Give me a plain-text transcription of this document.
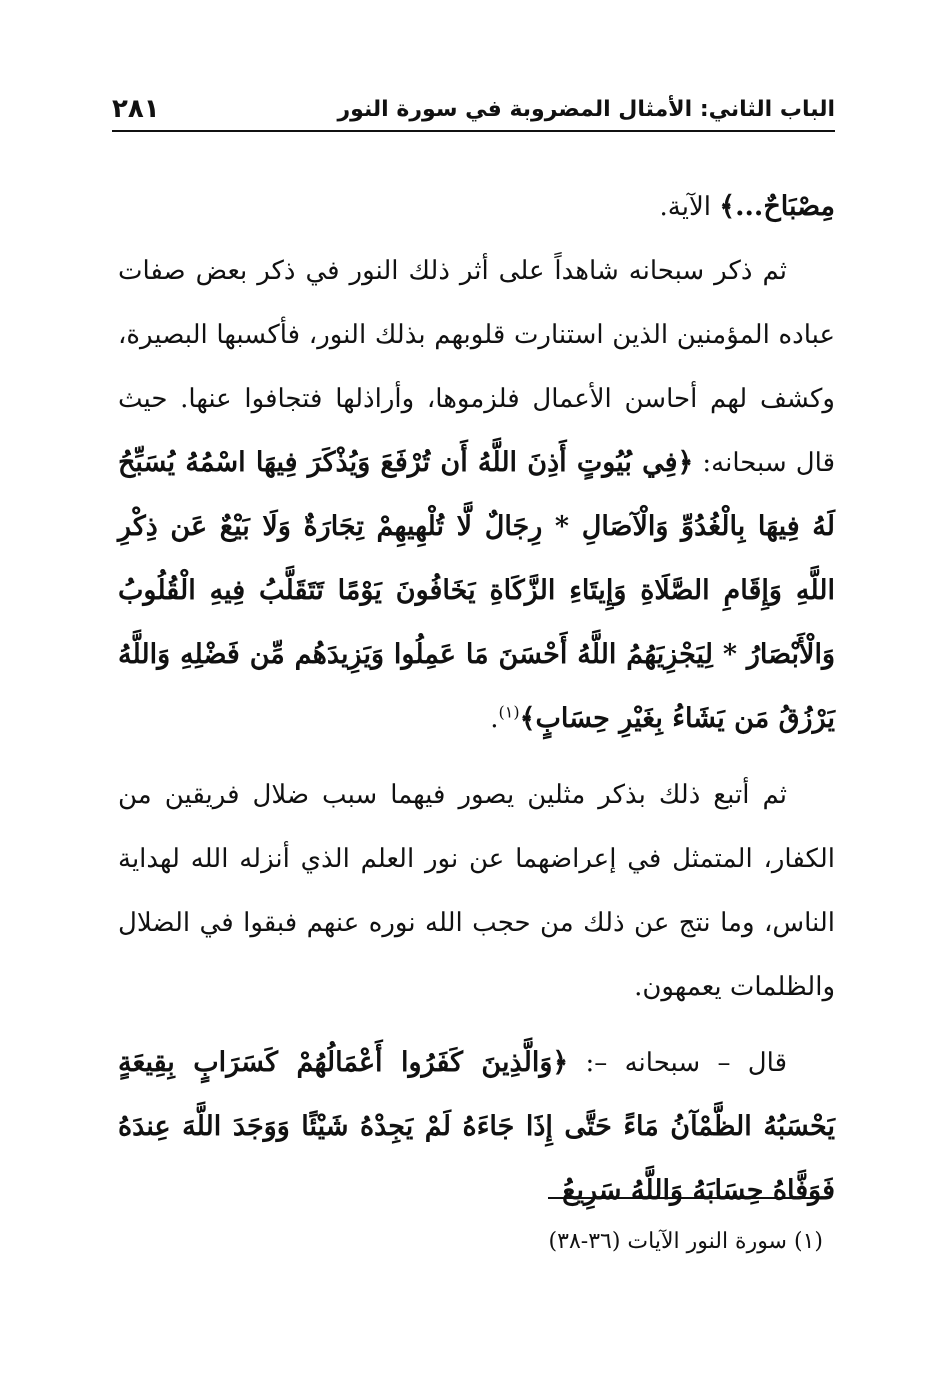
الباب الثاني: الأمثال المضروبة في سورة النور
٢٨١

مِصْبَاحٌ...﴾ الآية.

ثم ذكر سبحانه شاهداً على أثر ذلك النور في ذكر بعض صفات عباده المؤمنين الذين استنارت قلوبهم بذلك النور، فأكسبها البصيرة، وكشف لهم أحاسن الأعمال فلزموها، وأراذلها فتجافوا عنها. حيث قال سبحانه: ﴿فِي بُيُوتٍ أَذِنَ اللَّهُ أَن تُرْفَعَ وَيُذْكَرَ فِيهَا اسْمُهُ يُسَبِّحُ لَهُ فِيهَا بِالْغُدُوِّ وَالْآصَالِ * رِجَالٌ لَّا تُلْهِيهِمْ تِجَارَةٌ وَلَا بَيْعٌ عَن ذِكْرِ اللَّهِ وَإِقَامِ الصَّلَاةِ وَإِيتَاءِ الزَّكَاةِ يَخَافُونَ يَوْمًا تَتَقَلَّبُ فِيهِ الْقُلُوبُ وَالْأَبْصَارُ * لِيَجْزِيَهُمُ اللَّهُ أَحْسَنَ مَا عَمِلُوا وَيَزِيدَهُم مِّن فَضْلِهِ وَاللَّهُ يَرْزُقُ مَن يَشَاءُ بِغَيْرِ حِسَابٍ﴾$^{(١)}$.

ثم أتبع ذلك بذكر مثلين يصور فيهما سبب ضلال فريقين من الكفار، المتمثل في إعراضهما عن نور العلم الذي أنزله الله لهداية الناس، وما نتج عن ذلك من حجب الله نوره عنهم فبقوا في الضلال والظلمات يعمهون.

قال – سبحانه –: ﴿وَالَّذِينَ كَفَرُوا أَعْمَالُهُمْ كَسَرَابٍ بِقِيعَةٍ يَحْسَبُهُ الظَّمْآنُ مَاءً حَتَّى إِذَا جَاءَهُ لَمْ يَجِدْهُ شَيْئًا وَوَجَدَ اللَّهَ عِندَهُ فَوَفَّاهُ حِسَابَهُ وَاللَّهُ سَرِيعُ

(١) سورة النور الآيات (٣٦-٣٨)
